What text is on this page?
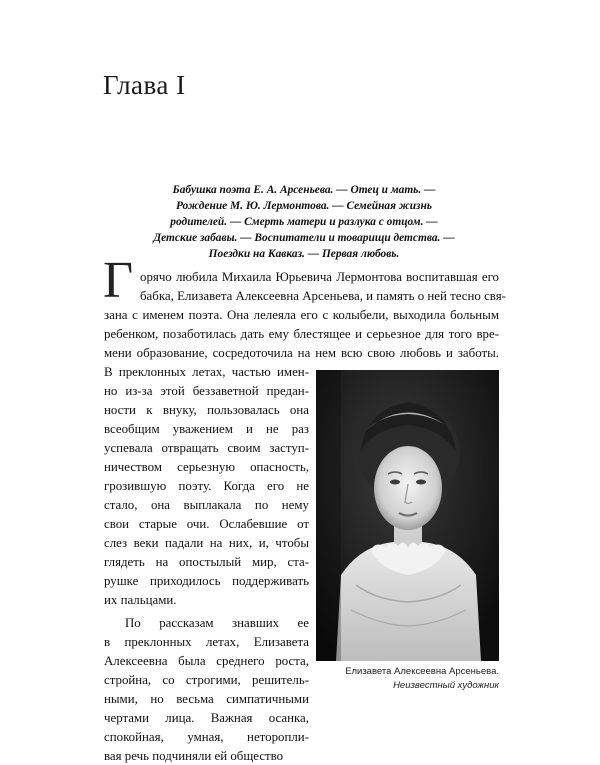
Глава I
Бабушка поэта Е. А. Арсеньева. — Отец и мать. —
Рождение М. Ю. Лермонтова. — Семейная жизнь
родителей. — Смерть матери и разлука с отцом. —
Детские забавы. — Воспитатели и товарищи детства. —
Поездки на Кавказ. — Первая любовь.
Г орячо любила Михаила Юрьевича Лермонтова воспитавшая его
бабка, Елизавета Алексеевна Арсеньева, и память о ней тесно свя-
зана с именем поэта. Она лелеяла его с колыбели, выходила больным
ребенком, позаботилась дать ему блестящее и серьезное для того вре-
мени образование, сосредоточила на нем всю свою любовь и заботы.
В преклонных летах, частью имен-
но из-за этой беззаветной предан-
ности к внуку, пользовалась она
всеобщим уважением и не раз
успевала отвращать своим заступ-
ничеством серьезную опасность,
грозившую поэту. Когда его не
стало, она выплакала по нему
свои старые очи. Ослабевшие от
слез веки падали на них, и, чтобы
глядеть на опостылый мир, ста-
рушке приходилось поддерживать
их пальцами.
По рассказам знавших ее
в преклонных летах, Елизавета
Алексеевна была среднего роста,
стройна, со строгими, решитель-
ными, но весьма симпатичными
чертами лица. Важная осанка,
спокойная, умная, неторопли-
вая речь подчиняли ей общество
Елизавета Алексеевна Арсеньева.
Неизвестный художник
